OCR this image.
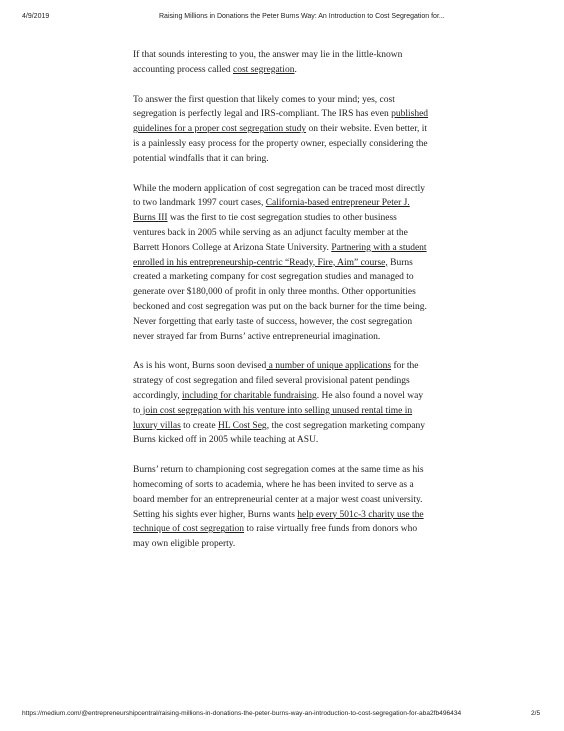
4/9/2019	Raising Millions in Donations the Peter Burns Way: An Introduction to Cost Segregation for...

If that sounds interesting to you, the answer may lie in the little-known accounting process called cost segregation.

To answer the first question that likely comes to your mind; yes, cost segregation is perfectly legal and IRS-compliant. The IRS has even published guidelines for a proper cost segregation study on their website. Even better, it is a painlessly easy process for the property owner, especially considering the potential windfalls that it can bring.

While the modern application of cost segregation can be traced most directly to two landmark 1997 court cases, California-based entrepreneur Peter J. Burns III was the first to tie cost segregation studies to other business ventures back in 2005 while serving as an adjunct faculty member at the Barrett Honors College at Arizona State University. Partnering with a student enrolled in his entrepreneurship-centric “Ready, Fire, Aim” course, Burns created a marketing company for cost segregation studies and managed to generate over $180,000 of profit in only three months. Other opportunities beckoned and cost segregation was put on the back burner for the time being. Never forgetting that early taste of success, however, the cost segregation never strayed far from Burns’ active entrepreneurial imagination.

As is his wont, Burns soon devised a number of unique applications for the strategy of cost segregation and filed several provisional patent pendings accordingly, including for charitable fundraising. He also found a novel way to join cost segregation with his venture into selling unused rental time in luxury villas to create HL Cost Seg, the cost segregation marketing company Burns kicked off in 2005 while teaching at ASU.

Burns’ return to championing cost segregation comes at the same time as his homecoming of sorts to academia, where he has been invited to serve as a board member for an entrepreneurial center at a major west coast university. Setting his sights ever higher, Burns wants help every 501c-3 charity use the technique of cost segregation to raise virtually free funds from donors who may own eligible property.

https://medium.com/@entrepreneurshipcentral/raising-millions-in-donations-the-peter-burns-way-an-introduction-to-cost-segregation-for-aba2fb496434	2/5
